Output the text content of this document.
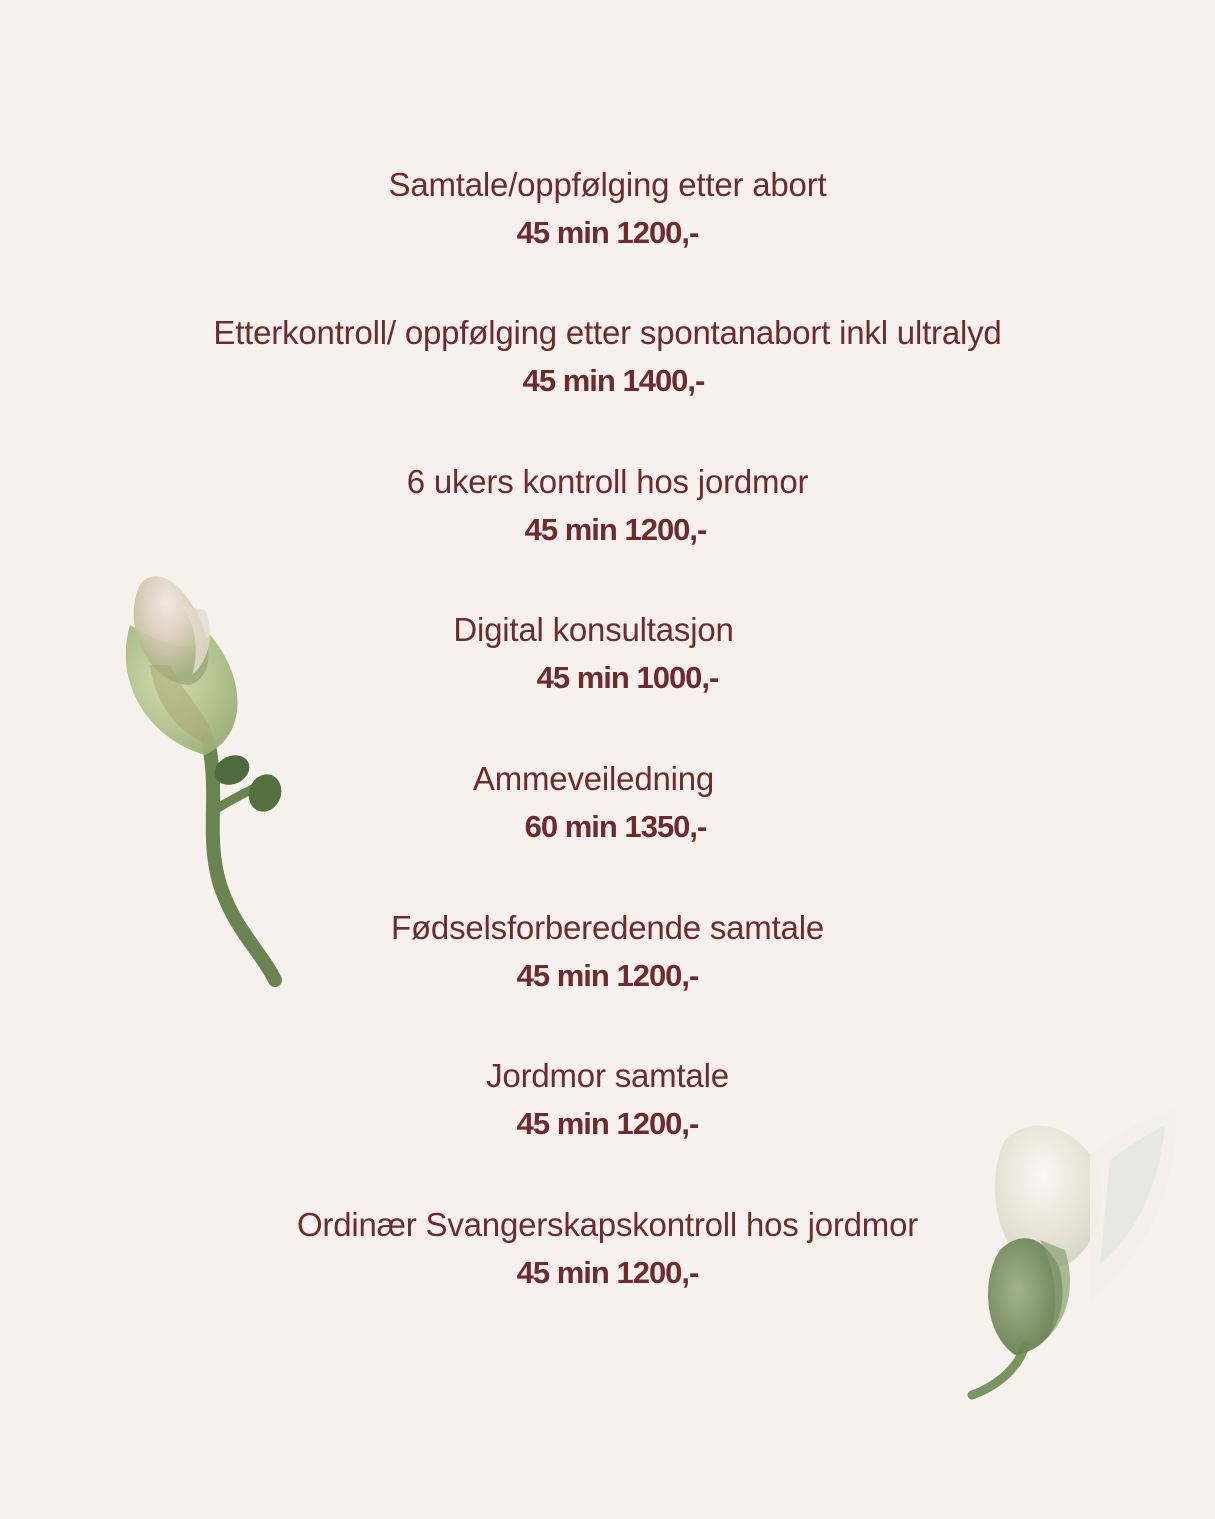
Samtale/oppfølging etter abort
45 min 1200,-
Etterkontroll/ oppfølging etter spontanabort inkl ultralyd
45 min 1400,-
6 ukers kontroll hos jordmor
45 min 1200,-
Digital konsultasjon
45 min 1000,-
Ammeveiledning
60 min 1350,-
Fødselsforberedende samtale
45 min 1200,-
Jordmor samtale
45 min 1200,-
Ordinær Svangerskapskontroll hos jordmor
45 min 1200,-
